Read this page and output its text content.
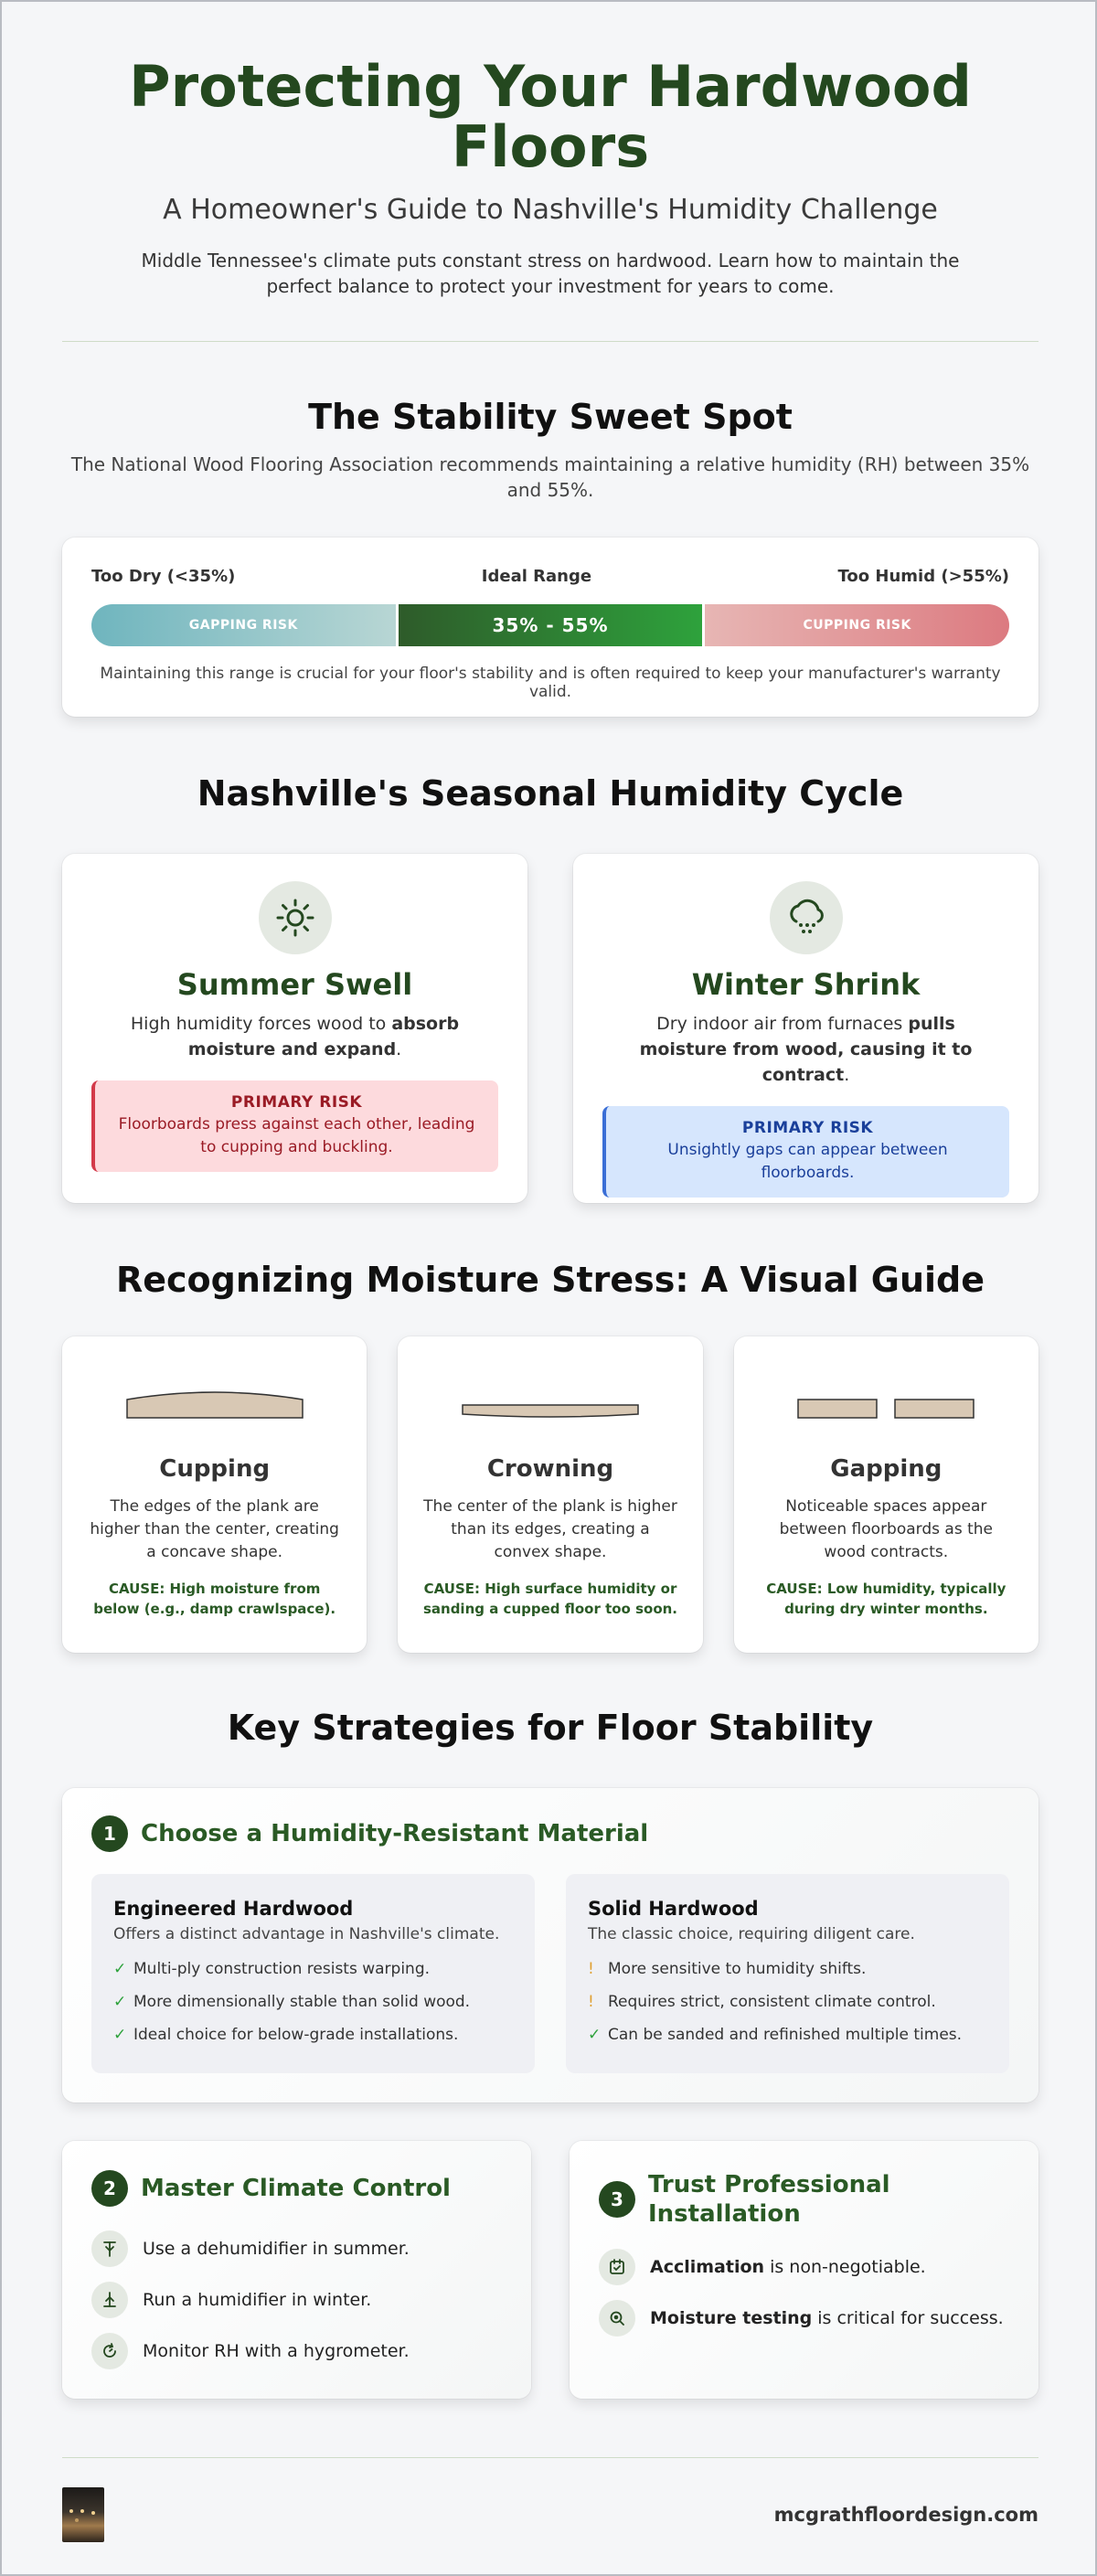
Protecting Your Hardwood Floors
A Homeowner's Guide to Nashville's Humidity Challenge

Middle Tennessee's climate puts constant stress on hardwood. Learn how to maintain the perfect balance to protect your investment for years to come.

The Stability Sweet Spot

The National Wood Flooring Association recommends maintaining a relative humidity (RH) between 35% and 55%.

Too Dry (<35%)	Ideal Range	Too Humid (>55%)
GAPPING RISK	35% - 55%	CUPPING RISK

Maintaining this range is crucial for your floor's stability and is often required to keep your manufacturer's warranty valid.

Nashville's Seasonal Humidity Cycle
Summer Swell

High humidity forces wood to absorb moisture and expand.

PRIMARY RISK
Floorboards press against each other, leading to cupping and buckling.
Winter Shrink

Dry indoor air from furnaces pulls moisture from wood, causing it to contract.

PRIMARY RISK
Unsightly gaps can appear between floorboards.
Recognizing Moisture Stress: A Visual Guide
Cupping

The edges of the plank are higher than the center, creating a concave shape.

CAUSE: High moisture from below (e.g., damp crawlspace).

Crowning

The center of the plank is higher than its edges, creating a convex shape.

CAUSE: High surface humidity or sanding a cupped floor too soon.

Gapping

Noticeable spaces appear between floorboards as the wood contracts.

CAUSE: Low humidity, typically during dry winter months.

Key Strategies for Floor Stability
1	Choose a Humidity-Resistant Material
Engineered Hardwood
Offers a distinct advantage in Nashville's climate.
✓ Multi-ply construction resists warping.
✓ More dimensionally stable than solid wood.
✓ Ideal choice for below-grade installations.
Solid Hardwood
The classic choice, requiring diligent care.
! More sensitive to humidity shifts.
! Requires strict, consistent climate control.
✓ Can be sanded and refinished multiple times.
2	Master Climate Control
Use a dehumidifier in summer.
Run a humidifier in winter.
Monitor RH with a hygrometer.
3
Trust Professional Installation
Acclimation is non-negotiable.
Moisture testing is critical for success.
mcgrathfloordesign.com
